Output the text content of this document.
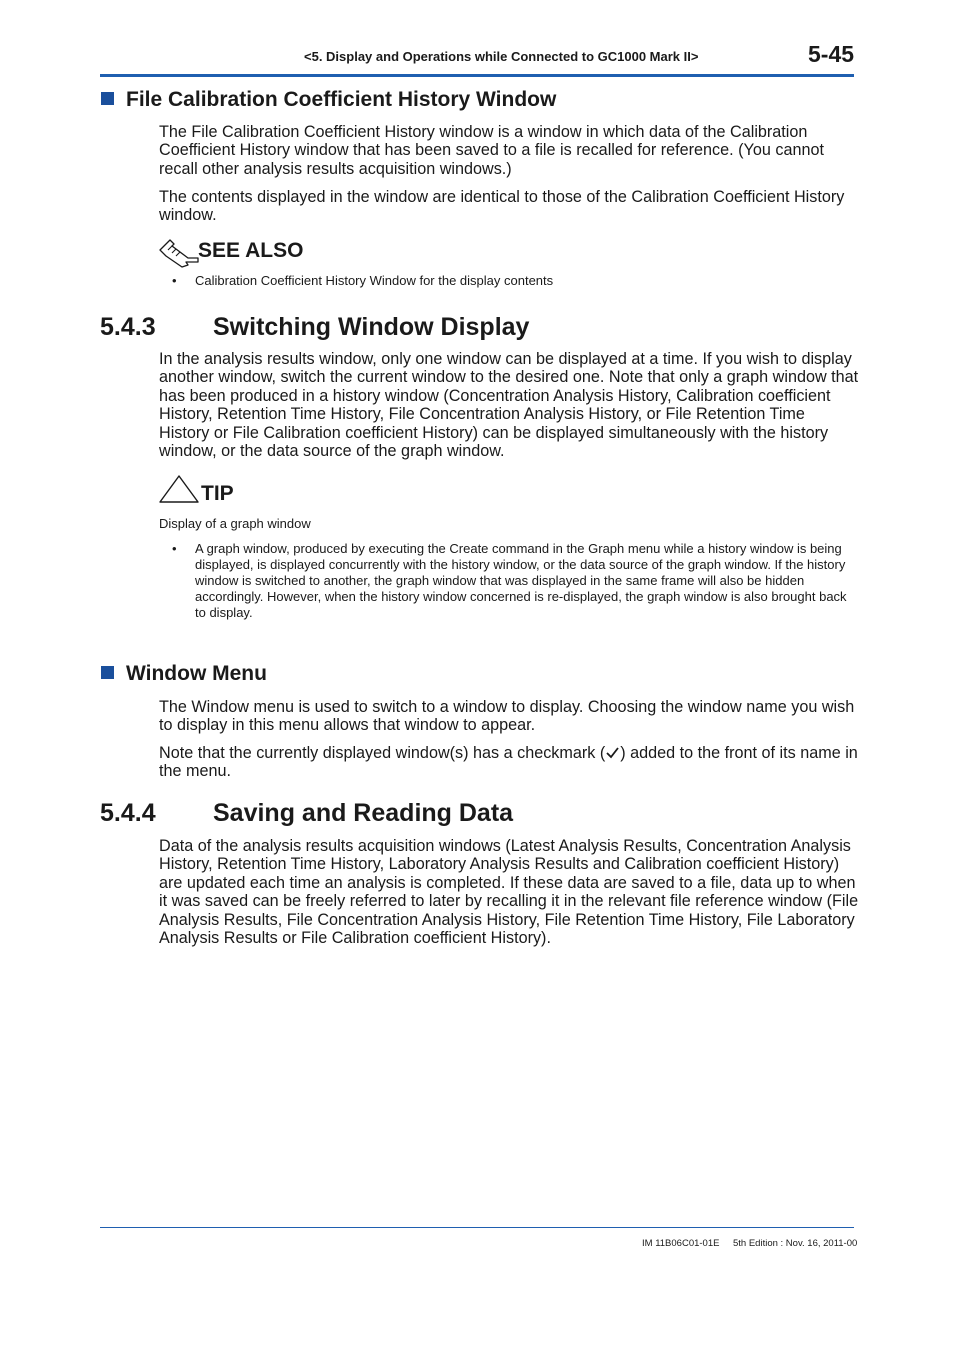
<5. Display and Operations while Connected to GC1000 Mark II>	5-45
File Calibration Coefficient History Window
The File Calibration Coefficient History window is a window in which data of the Calibration Coefficient History window that has been saved to a file is recalled for reference. (You cannot recall other analysis results acquisition windows.)
The contents displayed in the window are identical to those of the Calibration Coefficient History window.
SEE ALSO
• Calibration Coefficient History Window for the display contents
5.4.3 Switching Window Display
In the analysis results window, only one window can be displayed at a time. If you wish to display another window, switch the current window to the desired one. Note that only a graph window that has been produced in a history window (Concentration Analysis History, Calibration coefficient History, Retention Time History, File Concentration Analysis History, or File Retention Time History or File Calibration coefficient History) can be displayed simultaneously with the history window, or the data source of the graph window.
TIP
Display of a graph window
• A graph window, produced by executing the Create command in the Graph menu while a history window is being displayed, is displayed concurrently with the history window, or the data source of the graph window. If the history window is switched to another, the graph window that was displayed in the same frame will also be hidden accordingly. However, when the history window concerned is re-displayed, the graph window is also brought back to display.
Window Menu
The Window menu is used to switch to a window to display. Choosing the window name you wish to display in this menu allows that window to appear.
Note that the currently displayed window(s) has a checkmark ( ) added to the front of its name in the menu.
5.4.4 Saving and Reading Data
Data of the analysis results acquisition windows (Latest Analysis Results, Concentration Analysis History, Retention Time History, Laboratory Analysis Results and Calibration coefficient History) are updated each time an analysis is completed. If these data are saved to a file, data up to when it was saved can be freely referred to later by recalling it in the relevant file reference window (File Analysis Results, File Concentration Analysis History, File Retention Time History, File Laboratory Analysis Results or File Calibration coefficient History).
IM 11B06C01-01E 5th Edition : Nov. 16, 2011-00
